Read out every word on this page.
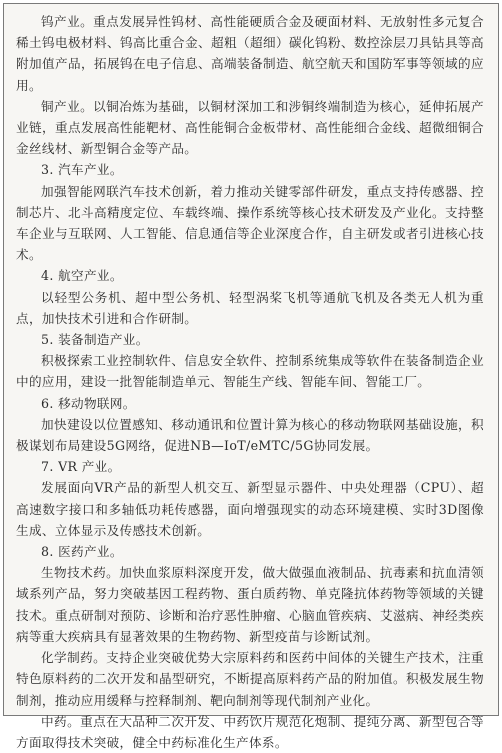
钨产业。重点发展异性钨材、高性能硬质合金及硬面材料、无放射性多元复合稀土钨电极材料、钨高比重合金、超粗（超细）碳化钨粉、数控涂层刀具钻具等高附加值产品，拓展钨在电子信息、高端装备制造、航空航天和国防军事等领域的应用。

铜产业。以铜冶炼为基础，以铜材深加工和涉铜终端制造为核心，延伸拓展产业链，重点发展高性能靶材、高性能铜合金板带材、高性能细合金线、超微细铜合金丝线材、新型铜合金等产品。

3. 汽车产业。

加强智能网联汽车技术创新，着力推动关键零部件研发，重点支持传感器、控制芯片、北斗高精度定位、车载终端、操作系统等核心技术研发及产业化。支持整车企业与互联网、人工智能、信息通信等企业深度合作，自主研发或者引进核心技术。

4. 航空产业。

以轻型公务机、超中型公务机、轻型涡桨飞机等通航飞机及各类无人机为重点，加快技术引进和合作研制。

5. 装备制造产业。

积极探索工业控制软件、信息安全软件、控制系统集成等软件在装备制造企业中的应用，建设一批智能制造单元、智能生产线、智能车间、智能工厂。

6. 移动物联网。

加快建设以位置感知、移动通讯和位置计算为核心的移动物联网基础设施，积极谋划布局建设5G网络，促进NB—IoT/eMTC/5G协同发展。

7. VR 产业。

发展面向VR产品的新型人机交互、新型显示器件、中央处理器（CPU）、超高速数字接口和多轴低功耗传感器，面向增强现实的动态环境建模、实时3D图像生成、立体显示及传感技术创新。

8. 医药产业。

生物技术药。加快血浆原料深度开发，做大做强血液制品、抗毒素和抗血清领域系列产品，努力突破基因工程药物、蛋白质药物、单克隆抗体药物等领域的关键技术。重点研制对预防、诊断和治疗恶性肿瘤、心脑血管疾病、艾滋病、神经类疾病等重大疾病具有显著效果的生物药物、新型疫苗与诊断试剂。

化学制药。支持企业突破优势大宗原料药和医药中间体的关键生产技术，注重特色原料药的二次开发和晶型研究，不断提高原料药产品的附加值。积极发展生物制剂，推动应用缓释与控释制剂、靶向制剂等现代制剂产业化。

中药。重点在大品种二次开发、中药饮片规范化炮制、提纯分离、新型包合等方面取得技术突破，健全中药标准化生产体系。
